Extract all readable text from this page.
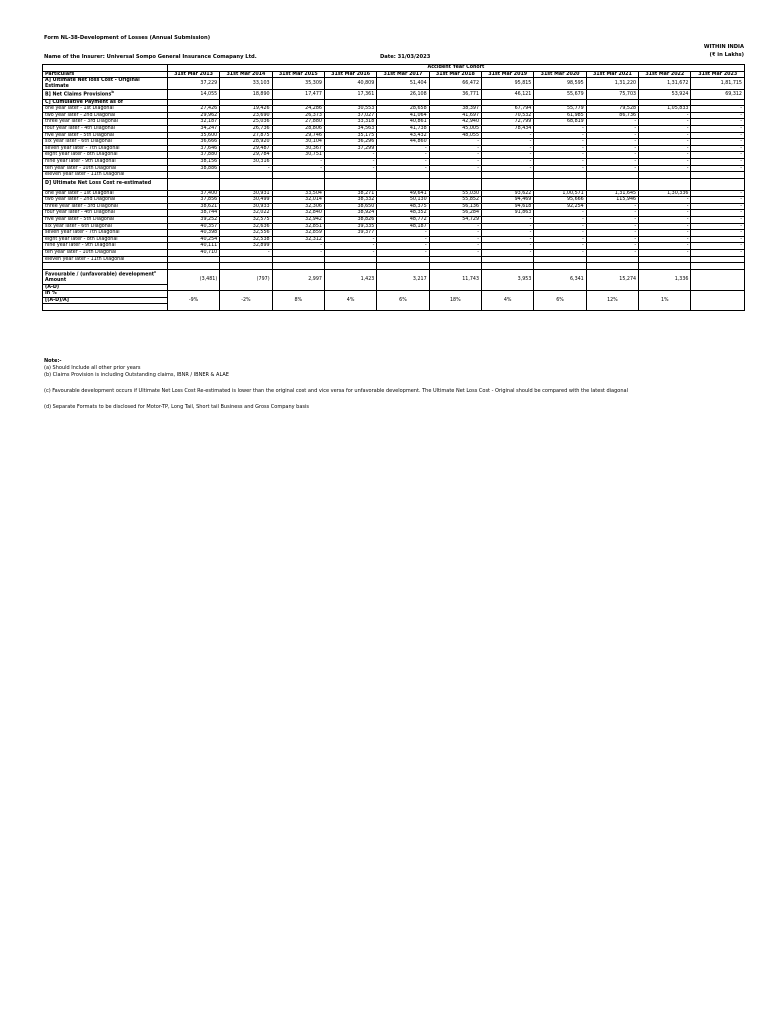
Form NL-38-Development of Losses (Annual Submission)
Name of the Insurer: Universal Sompo General Insurance Comapany Ltd.	Date: 31/03/2023
WITHIN INDIA
(₹ in Lakhs)
	Accident Year Cohort										
Particulars	31st Mar 2013	31st Mar 2014	31st Mar 2015	31st Mar 2016	31st Mar 2017	31st Mar 2018	31st Mar 2019	31st Mar 2020	31st Mar 2021	31st Mar 2022	31st Mar 2023
A] Ultimate Net loss Cost - Original Estimate	37,229	33,103	35,309	40,809	51,404	66,472	95,815	98,595	1,31,220	1,31,672	1,81,715
B] Net Claims Provisions$^b$	14,055	18,890	17,477	17,361	26,108	36,771	46,121	55,679	75,703	53,924	69,312
C] Cumulative Payment as of											
one year later - 1st Diagonal	27,426	19,426	24,286	30,553	28,658	38,397	67,794	55,779	79,528	1,05,833	-
two year later - 2nd Diagonal	29,962	23,690	26,373	37,027	41,064	41,697	70,532	61,985	86,736	-	-
three year later - 3rd Diagonal	32,187	25,036	27,880	33,318	40,861	42,940	72,799	68,819	-	-	-
four year later - 4th Diagonal	34,247	26,736	28,806	34,563	41,738	45,005	78,434	-	-	-	-
five year later - 5th Diagonal	35,600	27,875	29,746	35,175	43,432	48,055	-	-	-	-	-
six year later - 6th Diagonal	36,666	28,920	30,104	36,296	44,860	-	-	-	-	-	-
seven year later - 7th Diagonal	37,646	29,487	30,367	37,299	-	-	-	-	-	-	-
eight year later - 8th Diagonal	37,880	29,784	30,751	-	-	-	-	-	-	-	-
nine year later - 9th Diagonal	38,156	30,316	-	-	-	-	-	-	-	-	-
ten year later - 10th Diagonal	38,886	-	-	-	-	-	-	-	-	-	-
eleven year later - 11th Diagonal											
D] Ultimate Net Loss Cost re-estimated											
one year later - 1st Diagonal	37,400	30,931	33,504	38,271	49,641	55,030	93,622	1,00,571	1,31,645	1,30,336	-
two year later - 2nd Diagonal	37,856	30,499	32,014	38,332	50,130	55,852	94,469	95,666	115,946	-	-
three year later - 3rd Diagonal	38,621	30,933	32,306	38,650	48,375	56,136	94,618	92,254	-	-	-
four year later - 4th Diagonal	38,744	32,022	32,840	38,924	48,352	56,284	91,863	-	-	-	-
five year later - 5th Diagonal	39,252	32,575	32,942	38,826	48,772	54,729	-	-	-	-	-
six year later - 6th Diagonal	40,357	32,636	32,851	39,335	48,187	-	-	-	-	-	-
seven year later - 7th Diagonal	40,398	32,556	32,859	39,377	-	-	-	-	-	-	-
eight year later - 8th Diagonal	40,254	32,538	32,312	-	-	-	-	-	-	-	-
nine year later - 9th Diagonal	40,111	32,899	-	-	-	-	-	-	-	-	-
ten year later - 10th Diagonal	40,710	-	-	-	-	-	-	-	-	-	-
eleven year later - 11th Diagonal											

Favourable / (unfavorable) development$^c$ Amount	(3,481)	(797)	2,997	1,423	3,217	11,743	3,953	6,341	15,274	1,336	
(A-D)											
In %	-9%	-2%	8%	4%	6%	18%	4%	6%	12%	1%	
[(A-D)/A]											

Note:-
(a) Should Include all other prior years
(b) Claims Provision is including Outstanding claims, IBNR / IBNER & ALAE
(c) Favourable development occurs if Ultimate Net Loss Cost Re-estimated is lower than the original cost and vice versa for unfavorable development. The Ultimate Net Loss Cost - Original should be compared with the latest diagonal
(d) Separate Formats to be disclosed for Motor-TP, Long Tail, Short tail Business and Gross Company basis
